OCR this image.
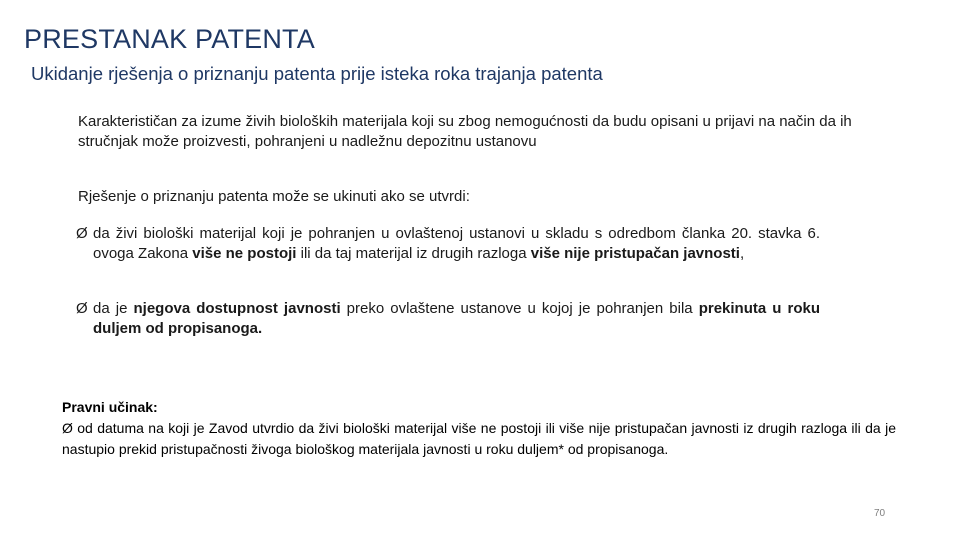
PRESTANAK PATENTA
Ukidanje rješenja o priznanju patenta prije isteka roka trajanja patenta
Karakterističan za izume živih bioloških materijala koji su zbog nemogućnosti da budu opisani u prijavi na način da ih stručnjak može proizvesti, pohranjeni u nadležnu depozitnu ustanovu
Rješenje o priznanju patenta može se ukinuti ako se utvrdi:
Ø da živi biološki materijal koji je pohranjen u ovlaštenoj ustanovi u skladu s odredbom članka 20. stavka 6. ovoga Zakona više ne postoji ili da taj materijal iz drugih razloga više nije pristupačan javnosti,
Ø da je njegova dostupnost javnosti preko ovlaštene ustanove u kojoj je pohranjen bila prekinuta u roku duljem od propisanoga.
Pravni učinak:
Ø od datuma na koji je Zavod utvrdio da živi biološki materijal više ne postoji ili više nije pristupačan javnosti iz drugih razloga ili da je nastupio prekid pristupačnosti živoga biološkog materijala javnosti u roku duljem* od propisanoga.
70
